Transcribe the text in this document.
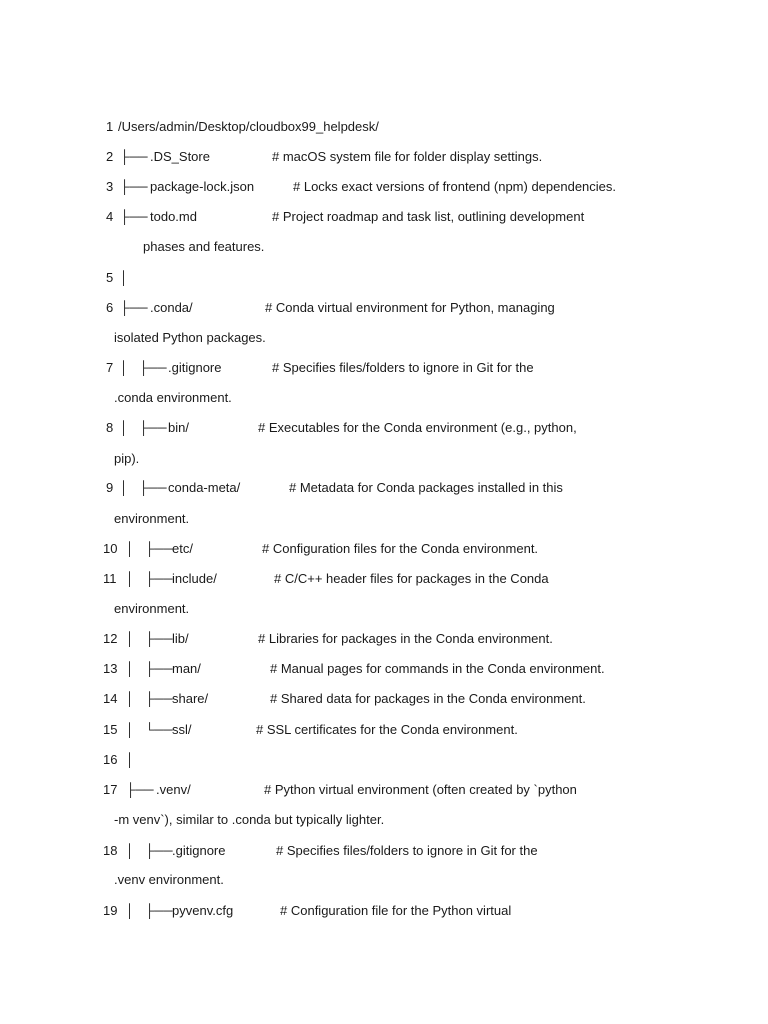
1 /Users/admin/Desktop/cloudbox99_helpdesk/
2 ├── .DS_Store	# macOS system file for folder display settings.
3 ├── package-lock.json	# Locks exact versions of frontend (npm) dependencies.
4 ├── todo.md	# Project roadmap and task list, outlining development
phases and features.
5 │
6 ├── .conda/	# Conda virtual environment for Python, managing
isolated Python packages.
7 │   ├── .gitignore	# Specifies files/folders to ignore in Git for the
.conda environment.
8 │   ├── bin/	# Executables for the Conda environment (e.g., python,
pip).
9 │   ├── conda-meta/	# Metadata for Conda packages installed in this
environment.
10 │   ├── etc/	# Configuration files for the Conda environment.
11 │   ├── include/	# C/C++ header files for packages in the Conda
environment.
12 │   ├── lib/	# Libraries for packages in the Conda environment.
13 │   ├── man/	# Manual pages for commands in the Conda environment.
14 │   ├── share/	# Shared data for packages in the Conda environment.
15 │   └── ssl/	# SSL certificates for the Conda environment.
16 │
17 ├── .venv/	# Python virtual environment (often created by `python
-m venv`), similar to .conda but typically lighter.
18 │   ├── .gitignore	# Specifies files/folders to ignore in Git for the
.venv environment.
19 │   ├── pyvenv.cfg	# Configuration file for the Python virtual
